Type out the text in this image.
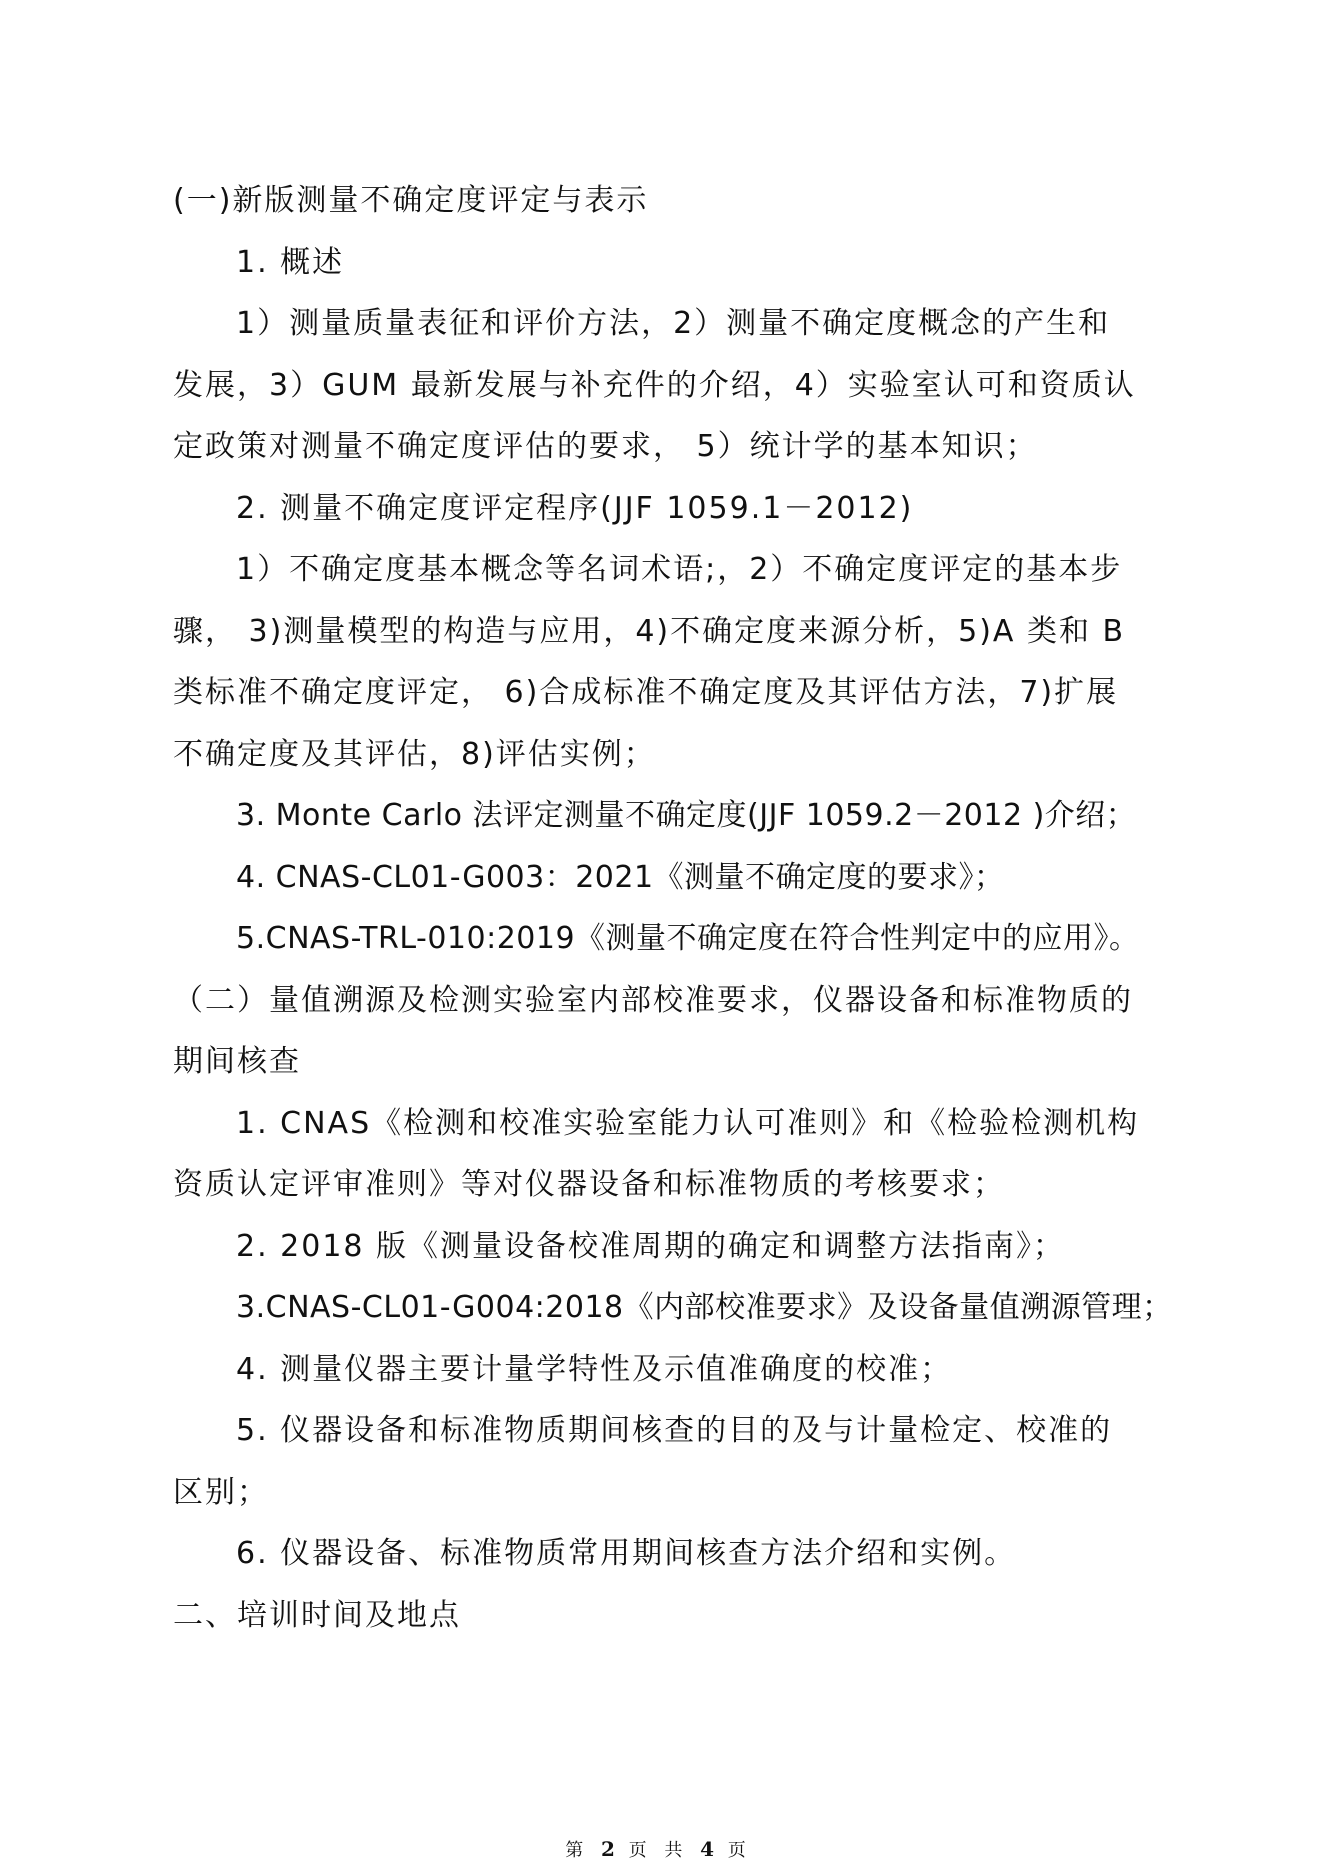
(一)新版测量不确定度评定与表示
1. 概述
1）测量质量表征和评价方法，2）测量不确定度概念的产生和
发展，3）GUM 最新发展与补充件的介绍，4）实验室认可和资质认
定政策对测量不确定度评估的要求， 5）统计学的基本知识；
2. 测量不确定度评定程序(JJF 1059.1－2012)
1）不确定度基本概念等名词术语;，2）不确定度评定的基本步
骤， 3)测量模型的构造与应用，4)不确定度来源分析，5)A 类和 B
类标准不确定度评定， 6)合成标准不确定度及其评估方法，7)扩展
不确定度及其评估，8)评估实例；
3. Monte Carlo 法评定测量不确定度(JJF 1059.2－2012 )介绍；
4. CNAS-CL01-G003：2021《测量不确定度的要求》；
5.CNAS-TRL-010:2019《测量不确定度在符合性判定中的应用》。
（二）量值溯源及检测实验室内部校准要求，仪器设备和标准物质的
期间核查
1. CNAS《检测和校准实验室能力认可准则》和《检验检测机构
资质认定评审准则》等对仪器设备和标准物质的考核要求；
2. 2018 版《测量设备校准周期的确定和调整方法指南》；
3.CNAS-CL01-G004:2018《内部校准要求》及设备量值溯源管理；
4. 测量仪器主要计量学特性及示值准确度的校准；
5. 仪器设备和标准物质期间核查的目的及与计量检定、校准的
区别；
6. 仪器设备、标准物质常用期间核查方法介绍和实例。
二、培训时间及地点
第 2 页 共 4 页
